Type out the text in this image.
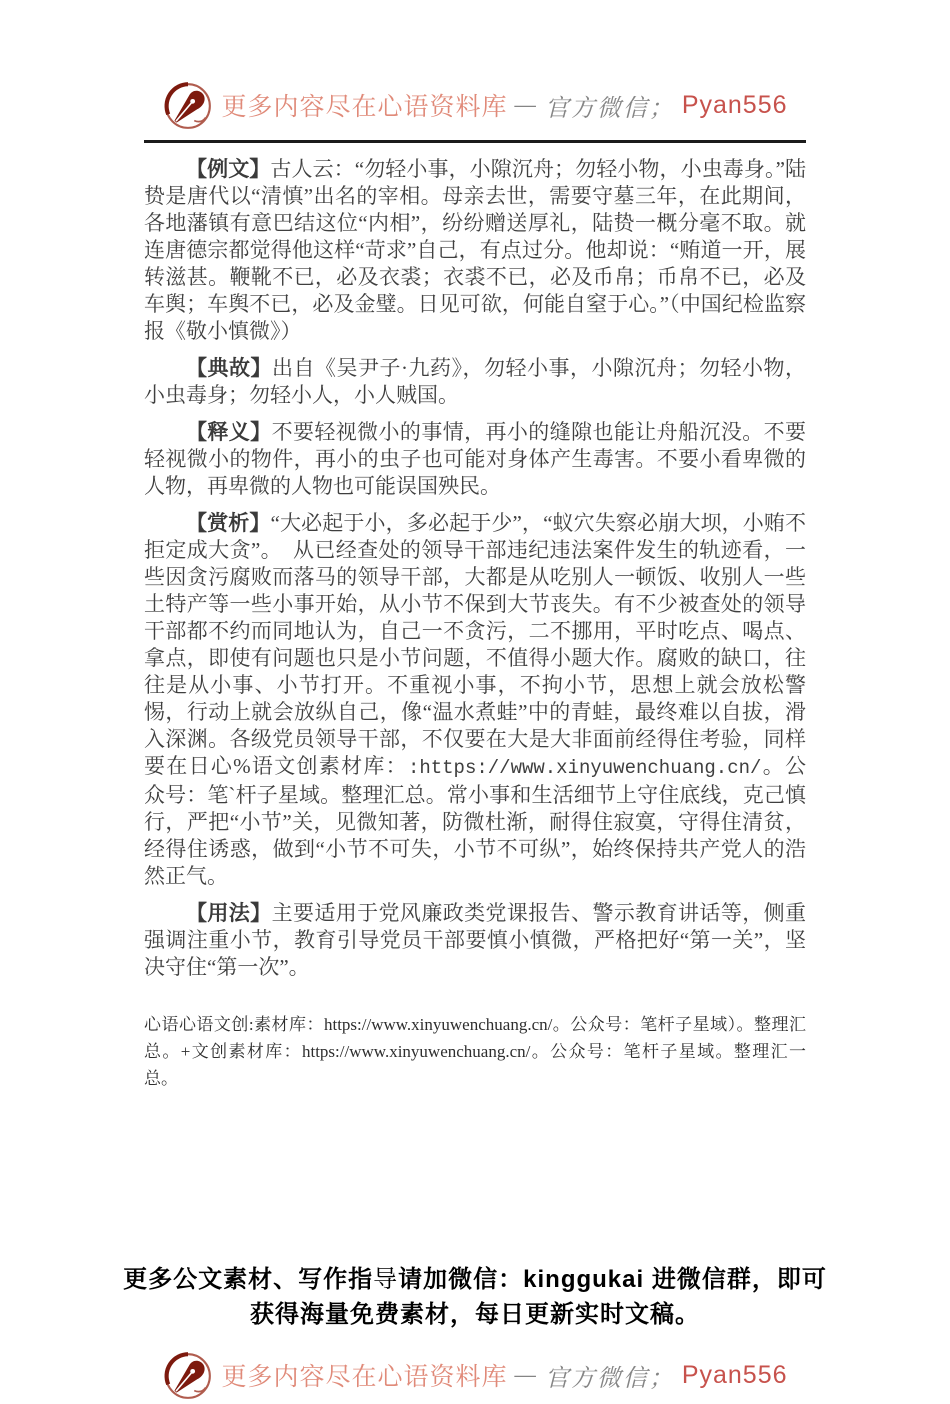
更多内容尽在心语资料库 — 官方微信； Pyan556

【例文】古人云：“勿轻小事，小隙沉舟；勿轻小物，小虫毒身。”陆贽是唐代以“清慎”出名的宰相。母亲去世，需要守墓三年，在此期间，各地藩镇有意巴结这位“内相”，纷纷赠送厚礼，陆贽一概分毫不取。就连唐德宗都觉得他这样“苛求”自己，有点过分。他却说：“贿道一开，展转滋甚。鞭靴不已，必及衣裘；衣裘不已，必及币帛；币帛不已，必及车舆；车舆不已，必及金璧。日见可欲，何能自窒于心。”（中国纪检监察报《敬小慎微》）

【典故】出自《吴尹子·九药》，勿轻小事，小隙沉舟；勿轻小物，小虫毒身；勿轻小人，小人贼国。

【释义】不要轻视微小的事情，再小的缝隙也能让舟船沉没。不要轻视微小的物件，再小的虫子也可能对身体产生毒害。不要小看卑微的人物，再卑微的人物也可能误国殃民。

【赏析】“大必起于小，多必起于少”，“蚁穴失察必崩大坝，小贿不拒定成大贪”。　从已经查处的领导干部违纪违法案件发生的轨迹看，一些因贪污腐败而落马的领导干部，大都是从吃别人一顿饭、收别人一些土特产等一些小事开始，从小节不保到大节丧失。有不少被查处的领导干部都不约而同地认为，自己一不贪污，二不挪用，平时吃点、喝点、拿点，即使有问题也只是小节问题，不值得小题大作。腐败的缺口，往往是从小事、小节打开。不重视小事，不拘小节，思想上就会放松警惕，行动上就会放纵自己，像“温水煮蛙”中的青蛙，最终难以自拔，滑入深渊。各级党员领导干部，不仅要在大是大非面前经得住考验，同样要在日心%语文创素材库：:https://www.xinyuwenchuang.cn/。公众号：笔`杆子星域。整理汇总。常小事和生活细节上守住底线，克己慎行，严把“小节”关，见微知著，防微杜渐，耐得住寂寞，守得住清贫，经得住诱惑，做到“小节不可失，小节不可纵”，始终保持共产党人的浩然正气。

【用法】主要适用于党风廉政类党课报告、警示教育讲话等，侧重强调注重小节，教育引导党员干部要慎小慎微，严格把好“第一关”，坚决守住“第一次”。

心语心语文创:素材库：https://www.xinyuwenchuang.cn/。公众号：笔杆子星域）。整理汇总。+文创素材库：https://www.xinyuwenchuang.cn/。公众号：笔杆子星域。整理汇一总。
更多公文素材、写作指导请加微信：kinggukai 进微信群，即可
获得海量免费素材，每日更新实时文稿。
更多内容尽在心语资料库 — 官方微信； Pyan556
